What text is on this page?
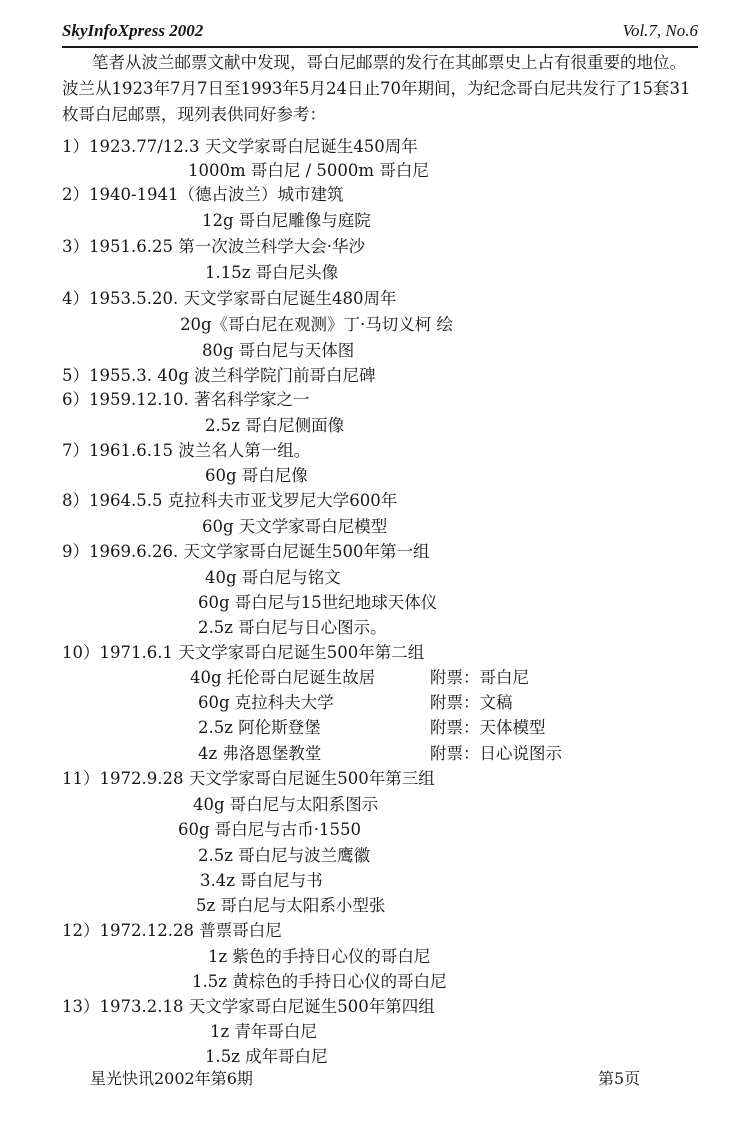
SkyInfoXpress 2002	Vol.7, No.6

笔者从波兰邮票文献中发现，哥白尼邮票的发行在其邮票史上占有很重要的地位。波兰从1923年7月7日至1993年5月24日止70年期间，为纪念哥白尼共发行了15套31枚哥白尼邮票，现列表供同好参考：

1）1923.77/12.3 天文学家哥白尼诞生450周年
1000m 哥白尼 / 5000m 哥白尼
2）1940-1941（德占波兰）城市建筑
12g 哥白尼雕像与庭院
3）1951.6.25 第一次波兰科学大会·华沙
1.15z 哥白尼头像
4）1953.5.20. 天文学家哥白尼诞生480周年
20g《哥白尼在观测》丁·马切义柯 绘
80g 哥白尼与天体图
5）1955.3. 40g 波兰科学院门前哥白尼碑
6）1959.12.10. 著名科学家之一
2.5z 哥白尼侧面像
7）1961.6.15 波兰名人第一组。
60g 哥白尼像
8）1964.5.5 克拉科夫市亚戈罗尼大学600年
60g 天文学家哥白尼模型
9）1969.6.26. 天文学家哥白尼诞生500年第一组
40g 哥白尼与铭文
60g 哥白尼与15世纪地球天体仪
2.5z 哥白尼与日心图示。
10）1971.6.1 天文学家哥白尼诞生500年第二组
40g 托伦哥白尼诞生故居	附票：哥白尼
60g 克拉科夫大学	附票：文稿
2.5z 阿伦斯登堡	附票：天体模型
4z 弗洛恩堡教堂	附票：日心说图示
11）1972.9.28 天文学家哥白尼诞生500年第三组
40g 哥白尼与太阳系图示
60g 哥白尼与古币·1550
2.5z 哥白尼与波兰鹰徽
3.4z 哥白尼与书
5z 哥白尼与太阳系小型张
12）1972.12.28 普票哥白尼
1z 紫色的手持日心仪的哥白尼
1.5z 黄棕色的手持日心仪的哥白尼
13）1973.2.18 天文学家哥白尼诞生500年第四组
1z 青年哥白尼
1.5z 成年哥白尼
星光快讯2002年第6期	第5页
